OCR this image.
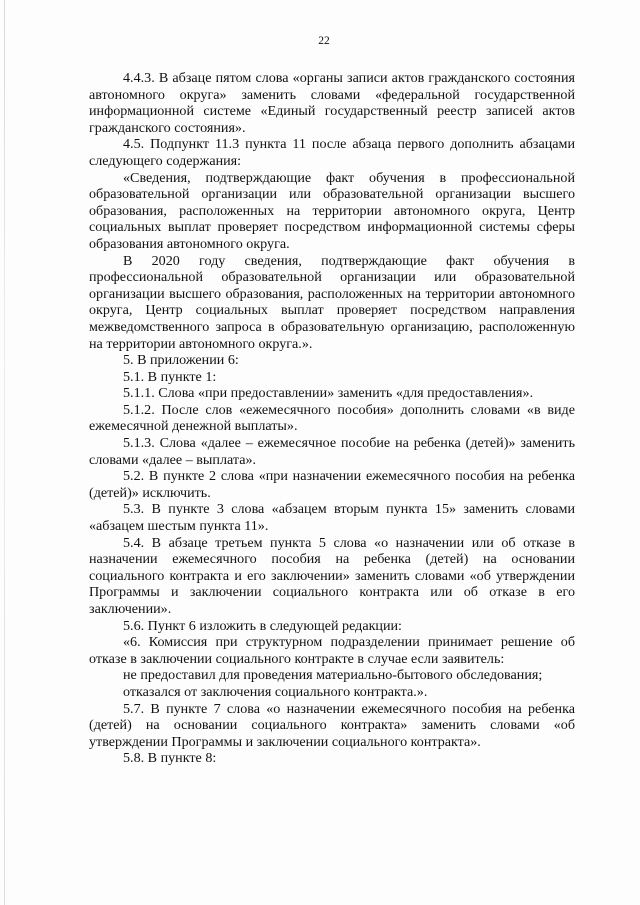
22

4.4.3. В абзаце пятом слова «органы записи актов гражданского состояния автономного округа» заменить словами «федеральной государственной информационной системе «Единый государственный реестр записей актов гражданского состояния».

4.5. Подпункт 11.3 пункта 11 после абзаца первого дополнить абзацами следующего содержания:

«Сведения, подтверждающие факт обучения в профессиональной образовательной организации или образовательной организации высшего образования, расположенных на территории автономного округа, Центр социальных выплат проверяет посредством информационной системы сферы образования автономного округа.

В 2020 году сведения, подтверждающие факт обучения в профессиональной образовательной организации или образовательной организации высшего образования, расположенных на территории автономного округа, Центр социальных выплат проверяет посредством направления межведомственного запроса в образовательную организацию, расположенную на территории автономного округа.».

5. В приложении 6:

5.1. В пункте 1:

5.1.1. Слова «при предоставлении» заменить «для предоставления».

5.1.2. После слов «ежемесячного пособия» дополнить словами «в виде ежемесячной денежной выплаты».

5.1.3. Слова «далее – ежемесячное пособие на ребенка (детей)» заменить словами «далее – выплата».

5.2. В пункте 2 слова «при назначении ежемесячного пособия на ребенка (детей)» исключить.

5.3. В пункте 3 слова «абзацем вторым пункта 15» заменить словами «абзацем шестым пункта 11».

5.4. В абзаце третьем пункта 5 слова «о назначении или об отказе в назначении ежемесячного пособия на ребенка (детей) на основании социального контракта и его заключении» заменить словами «об утверждении Программы и заключении социального контракта или об отказе в его заключении».

5.6. Пункт 6 изложить в следующей редакции:

«6. Комиссия при структурном подразделении принимает решение об отказе в заключении социального контракте в случае если заявитель:

не предоставил для проведения материально-бытового обследования;

отказался от заключения социального контракта.».

5.7. В пункте 7 слова «о назначении ежемесячного пособия на ребенка (детей) на основании социального контракта» заменить словами «об утверждении Программы и заключении социального контракта».

5.8. В пункте 8:
